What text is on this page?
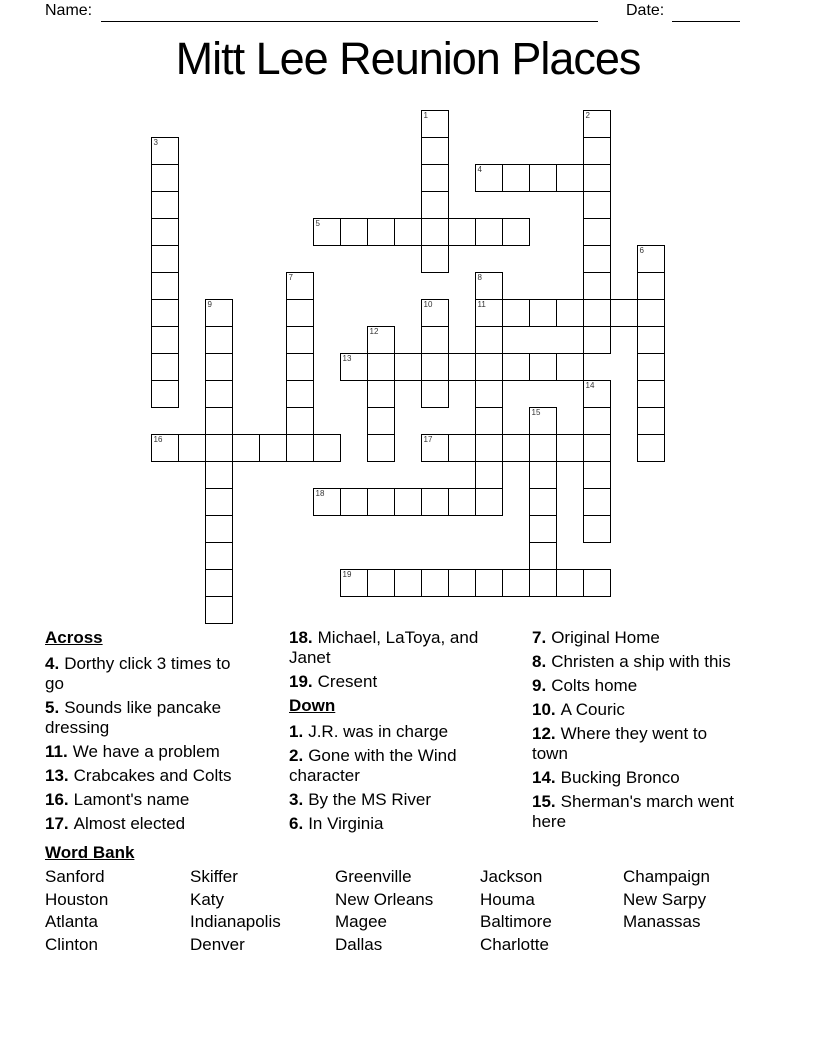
Name:	Date:
Mitt Lee Reunion Places
1	2
3
4
5
6
7	8
11
9	10
12
13
14
15
16	17
18
19
Across

4. Dorthy click 3 times to go

5. Sounds like pancake dressing

11. We have a problem

13. Crabcakes and Colts

16. Lamont's name

17. Almost elected

18. Michael, LaToya, and Janet

19. Cresent

Down

1. J.R. was in charge

2. Gone with the Wind character

3. By the MS River

6. In Virginia

7. Original Home

8. Christen a ship with this

9. Colts home

10. A Couric

12. Where they went to town

14. Bucking Bronco

15. Sherman's march went here

Word Bank
Sanford
Houston
Atlanta
Clinton
Skiffer
Katy
Indianapolis
Denver
Greenville
New Orleans
Magee
Dallas
Jackson
Houma
Baltimore
Charlotte
Champaign
New Sarpy
Manassas
